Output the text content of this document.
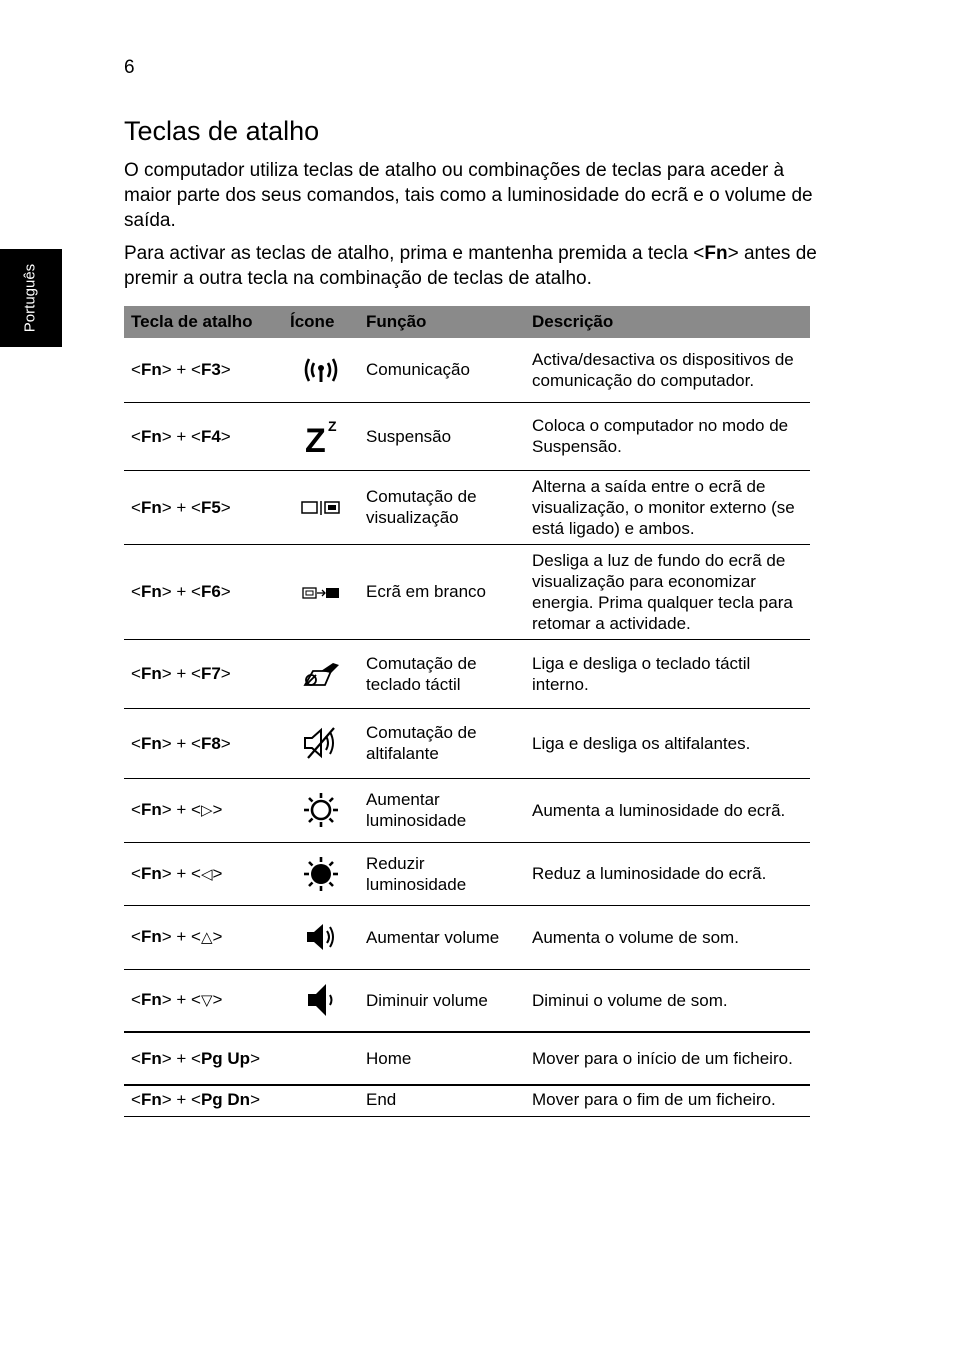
6
Português
Teclas de atalho

O computador utiliza teclas de atalho ou combinações de teclas para aceder à maior parte dos seus comandos, tais como a luminosidade do ecrã e o volume de saída.

Para activar as teclas de atalho, prima e mantenha premida a tecla <Fn> antes de premir a outra tecla na combinação de teclas de atalho.

Tecla de atalho	Ícone	Função	Descrição
<Fn> + <F3>		Comunicação	Activa/desactiva os dispositivos de comunicação do computador.
<Fn> + <F4>	Z Z	Suspensão	Coloca o computador no modo de Suspensão.
<Fn> + <F5>		Comutação de visualização	Alterna a saída entre o ecrã de visualização, o monitor externo (se está ligado) e ambos.
<Fn> + <F6>		Ecrã em branco	Desliga a luz de fundo do ecrã de visualização para economizar energia. Prima qualquer tecla para retomar a actividade.
<Fn> + <F7>		Comutação de teclado táctil	Liga e desliga o teclado táctil interno.
<Fn> + <F8>		Comutação de altifalante	Liga e desliga os altifalantes.
<Fn> + <▷>		Aumentar luminosidade	Aumenta a luminosidade do ecrã.
<Fn> + <◁>		Reduzir luminosidade	Reduz a luminosidade do ecrã.
<Fn> + <△>		Aumentar volume	Aumenta o volume de som.
<Fn> + <▽>		Diminuir volume	Diminui o volume de som.
<Fn> + <Pg Up>		Home	Mover para o início de um ficheiro.
<Fn> + <Pg Dn>		End	Mover para o fim de um ficheiro.
